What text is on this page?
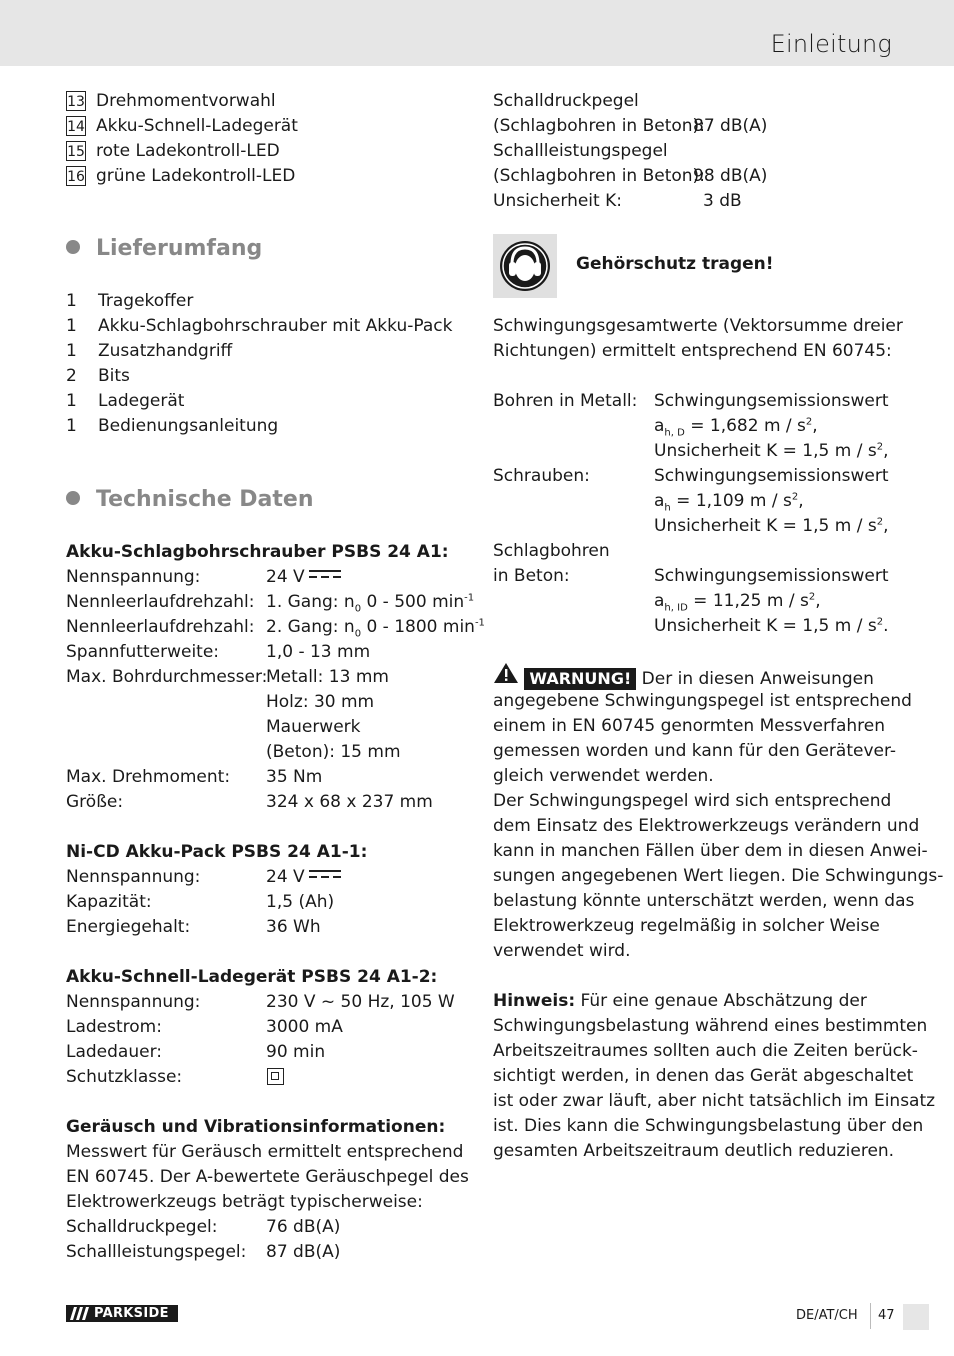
Einleitung
13 Drehmomentvorwahl
14 Akku-Schnell-Ladegerät
15 rote Ladekontroll-LED
16 grüne Ladekontroll-LED
Lieferumfang
1 Tragekoffer
1 Akku-Schlagbohrschrauber mit Akku-Pack
1 Zusatzhandgriff
2 Bits
1 Ladegerät
1 Bedienungsanleitung
Technische Daten
Akku-Schlagbohrschrauber PSBS 24 A1:
Nennspannung:	24 V
Nennleerlaufdrehzahl: 1. Gang: $n_0$ 0 - 500 $\min^{-1}$
Nennleerlaufdrehzahl: 2. Gang: $n_0$ 0 - 1800 $\min^{-1}$
Spannfutterweite:	1,0 - 13 mm
Max. Bohrdurchmesser:
Metall: 13 mm
Holz: 30 mm
Mauerwerk
(Beton): 15 mm
Max. Drehmoment: 35 Nm
Größe:	324 x 68 x 237 mm
Ni-CD Akku-Pack PSBS 24 A1-1:
Nennspannung:	24 V
Kapazität:	1,5 (Ah)
Energiegehalt:	36 Wh
Akku-Schnell-Ladegerät PSBS 24 A1-2:
Nennspannung:	230 V ~ 50 Hz, 105 W
Ladestrom:	3000 mA
Ladedauer:	90 min
Schutzklasse:
Geräusch und Vibrationsinformationen:
Messwert für Geräusch ermittelt entsprechend
EN 60745. Der A-bewertete Geräuschpegel des
Elektrowerkzeugs beträgt typischerweise:
Schalldruckpegel:	76 dB(A)
Schallleistungspegel: 87 dB(A)
Schalldruckpegel
(Schlagbohren in Beton):
87 dB(A)
Schallleistungspegel
(Schlagbohren in Beton):
98 dB(A)
Unsicherheit K:	3 dB
Gehörschutz tragen!
Schwingungsgesamtwerte (Vektorsumme dreier
Richtungen) ermittelt entsprechend EN 60745:
Bohren in Metall: Schwingungsemissionswert
$a_{h, D} = 1,682$ m / $s^2$,
Unsicherheit K = 1,5 m / $s^2$,
Schrauben:	Schwingungsemissionswert
$a_h = 1,109$ m / $s^2$,
Unsicherheit K = 1,5 m / $s^2$,
Schlagbohren
in Beton:	Schwingungsemissionswert
$a_{h, ID} = 11,25$ m / $s^2$,
Unsicherheit K = 1,5 m / $s^2$.
WARNUNG! Der in diesen Anweisungen
angegebene Schwingungspegel ist entsprechend
einem in EN 60745 genormten Messverfahren
gemessen worden und kann für den Gerätever-
gleich verwendet werden.
Der Schwingungspegel wird sich entsprechend
dem Einsatz des Elektrowerkzeugs verändern und
kann in manchen Fällen über dem in diesen Anwei-
sungen angegebenen Wert liegen. Die Schwingungs-
belastung könnte unterschätzt werden, wenn das
Elektrowerkzeug regelmäßig in solcher Weise
verwendet wird.
Hinweis: Für eine genaue Abschätzung der
Schwingungsbelastung während eines bestimmten
Arbeitszeitraumes sollten auch die Zeiten berück-
sichtigt werden, in denen das Gerät abgeschaltet
ist oder zwar läuft, aber nicht tatsächlich im Einsatz
ist. Dies kann die Schwingungsbelastung über den
gesamten Arbeitszeitraum deutlich reduzieren.
PARKSIDE	DE/AT/CH 47
